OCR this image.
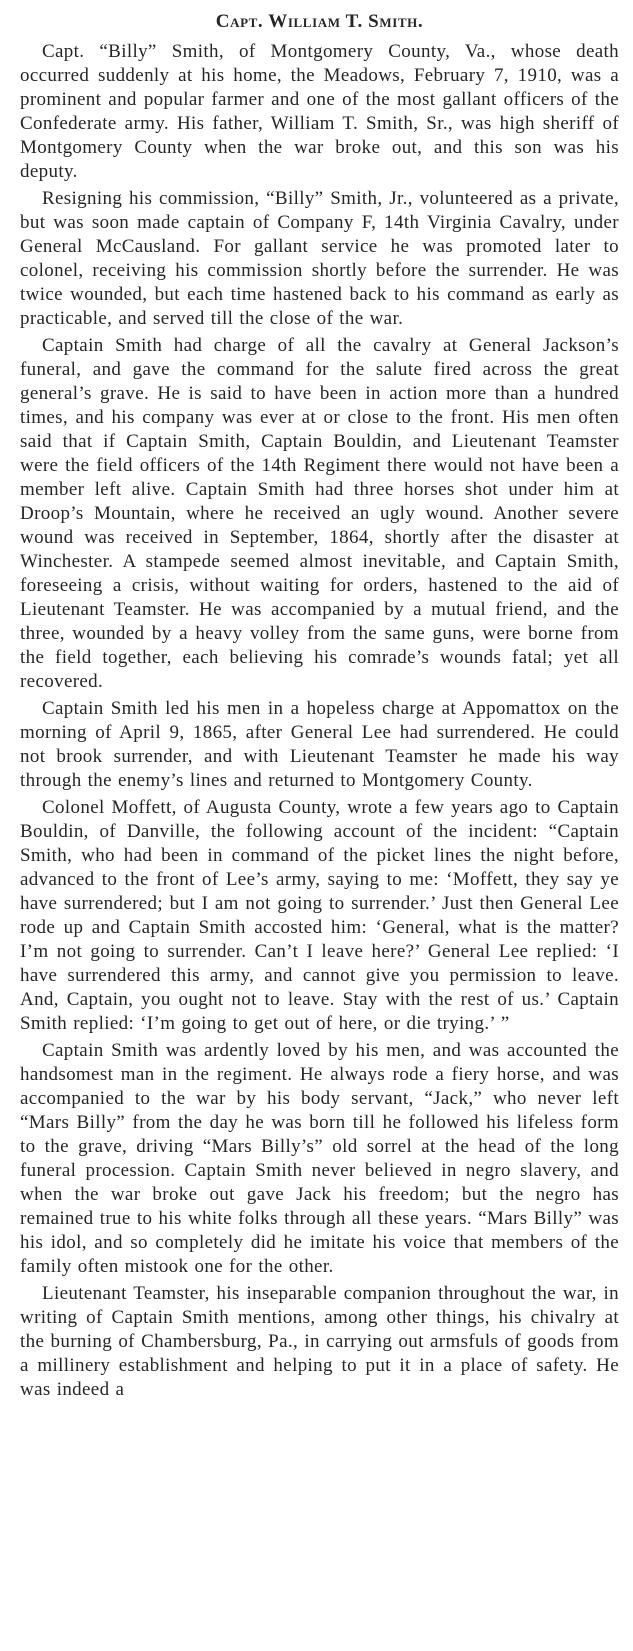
Capt. William T. Smith.

Capt. “Billy” Smith, of Montgomery County, Va., whose death occurred suddenly at his home, the Meadows, February 7, 1910, was a prominent and popular farmer and one of the most gallant officers of the Confederate army. His father, William T. Smith, Sr., was high sheriff of Montgomery County when the war broke out, and this son was his deputy.

Resigning his commission, “Billy” Smith, Jr., volunteered as a private, but was soon made captain of Company F, 14th Virginia Cavalry, under General McCausland. For gallant service he was promoted later to colonel, receiving his commission shortly before the surrender. He was twice wounded, but each time hastened back to his command as early as practicable, and served till the close of the war.

Captain Smith had charge of all the cavalry at General Jackson’s funeral, and gave the command for the salute fired across the great general’s grave. He is said to have been in action more than a hundred times, and his company was ever at or close to the front. His men often said that if Captain Smith, Captain Bouldin, and Lieutenant Teamster were the field officers of the 14th Regiment there would not have been a member left alive. Captain Smith had three horses shot under him at Droop’s Mountain, where he received an ugly wound. Another severe wound was received in September, 1864, shortly after the disaster at Winchester. A stampede seemed almost inevitable, and Captain Smith, foreseeing a crisis, without waiting for orders, hastened to the aid of Lieutenant Teamster. He was accompanied by a mutual friend, and the three, wounded by a heavy volley from the same guns, were borne from the field together, each believing his comrade’s wounds fatal; yet all recovered.

Captain Smith led his men in a hopeless charge at Appomattox on the morning of April 9, 1865, after General Lee had surrendered. He could not brook surrender, and with Lieutenant Teamster he made his way through the enemy’s lines and returned to Montgomery County.

Colonel Moffett, of Augusta County, wrote a few years ago to Captain Bouldin, of Danville, the following account of the incident: “Captain Smith, who had been in command of the picket lines the night before, advanced to the front of Lee’s army, saying to me: ‘Moffett, they say ye have surrendered; but I am not going to surrender.’ Just then General Lee rode up and Captain Smith accosted him: ‘General, what is the matter? I’m not going to surrender. Can’t I leave here?’ General Lee replied: ‘I have surrendered this army, and cannot give you permission to leave. And, Captain, you ought not to leave. Stay with the rest of us.’ Captain Smith replied: ‘I’m going to get out of here, or die trying.’ ”

Captain Smith was ardently loved by his men, and was accounted the handsomest man in the regiment. He always rode a fiery horse, and was accompanied to the war by his body servant, “Jack,” who never left “Mars Billy” from the day he was born till he followed his lifeless form to the grave, driving “Mars Billy’s” old sorrel at the head of the long funeral procession. Captain Smith never believed in negro slavery, and when the war broke out gave Jack his freedom; but the negro has remained true to his white folks through all these years. “Mars Billy” was his idol, and so completely did he imitate his voice that members of the family often mistook one for the other.

Lieutenant Teamster, his inseparable companion throughout the war, in writing of Captain Smith mentions, among other things, his chivalry at the burning of Chambersburg, Pa., in carrying out armsfuls of goods from a millinery establishment and helping to put it in a place of safety. He was indeed a
